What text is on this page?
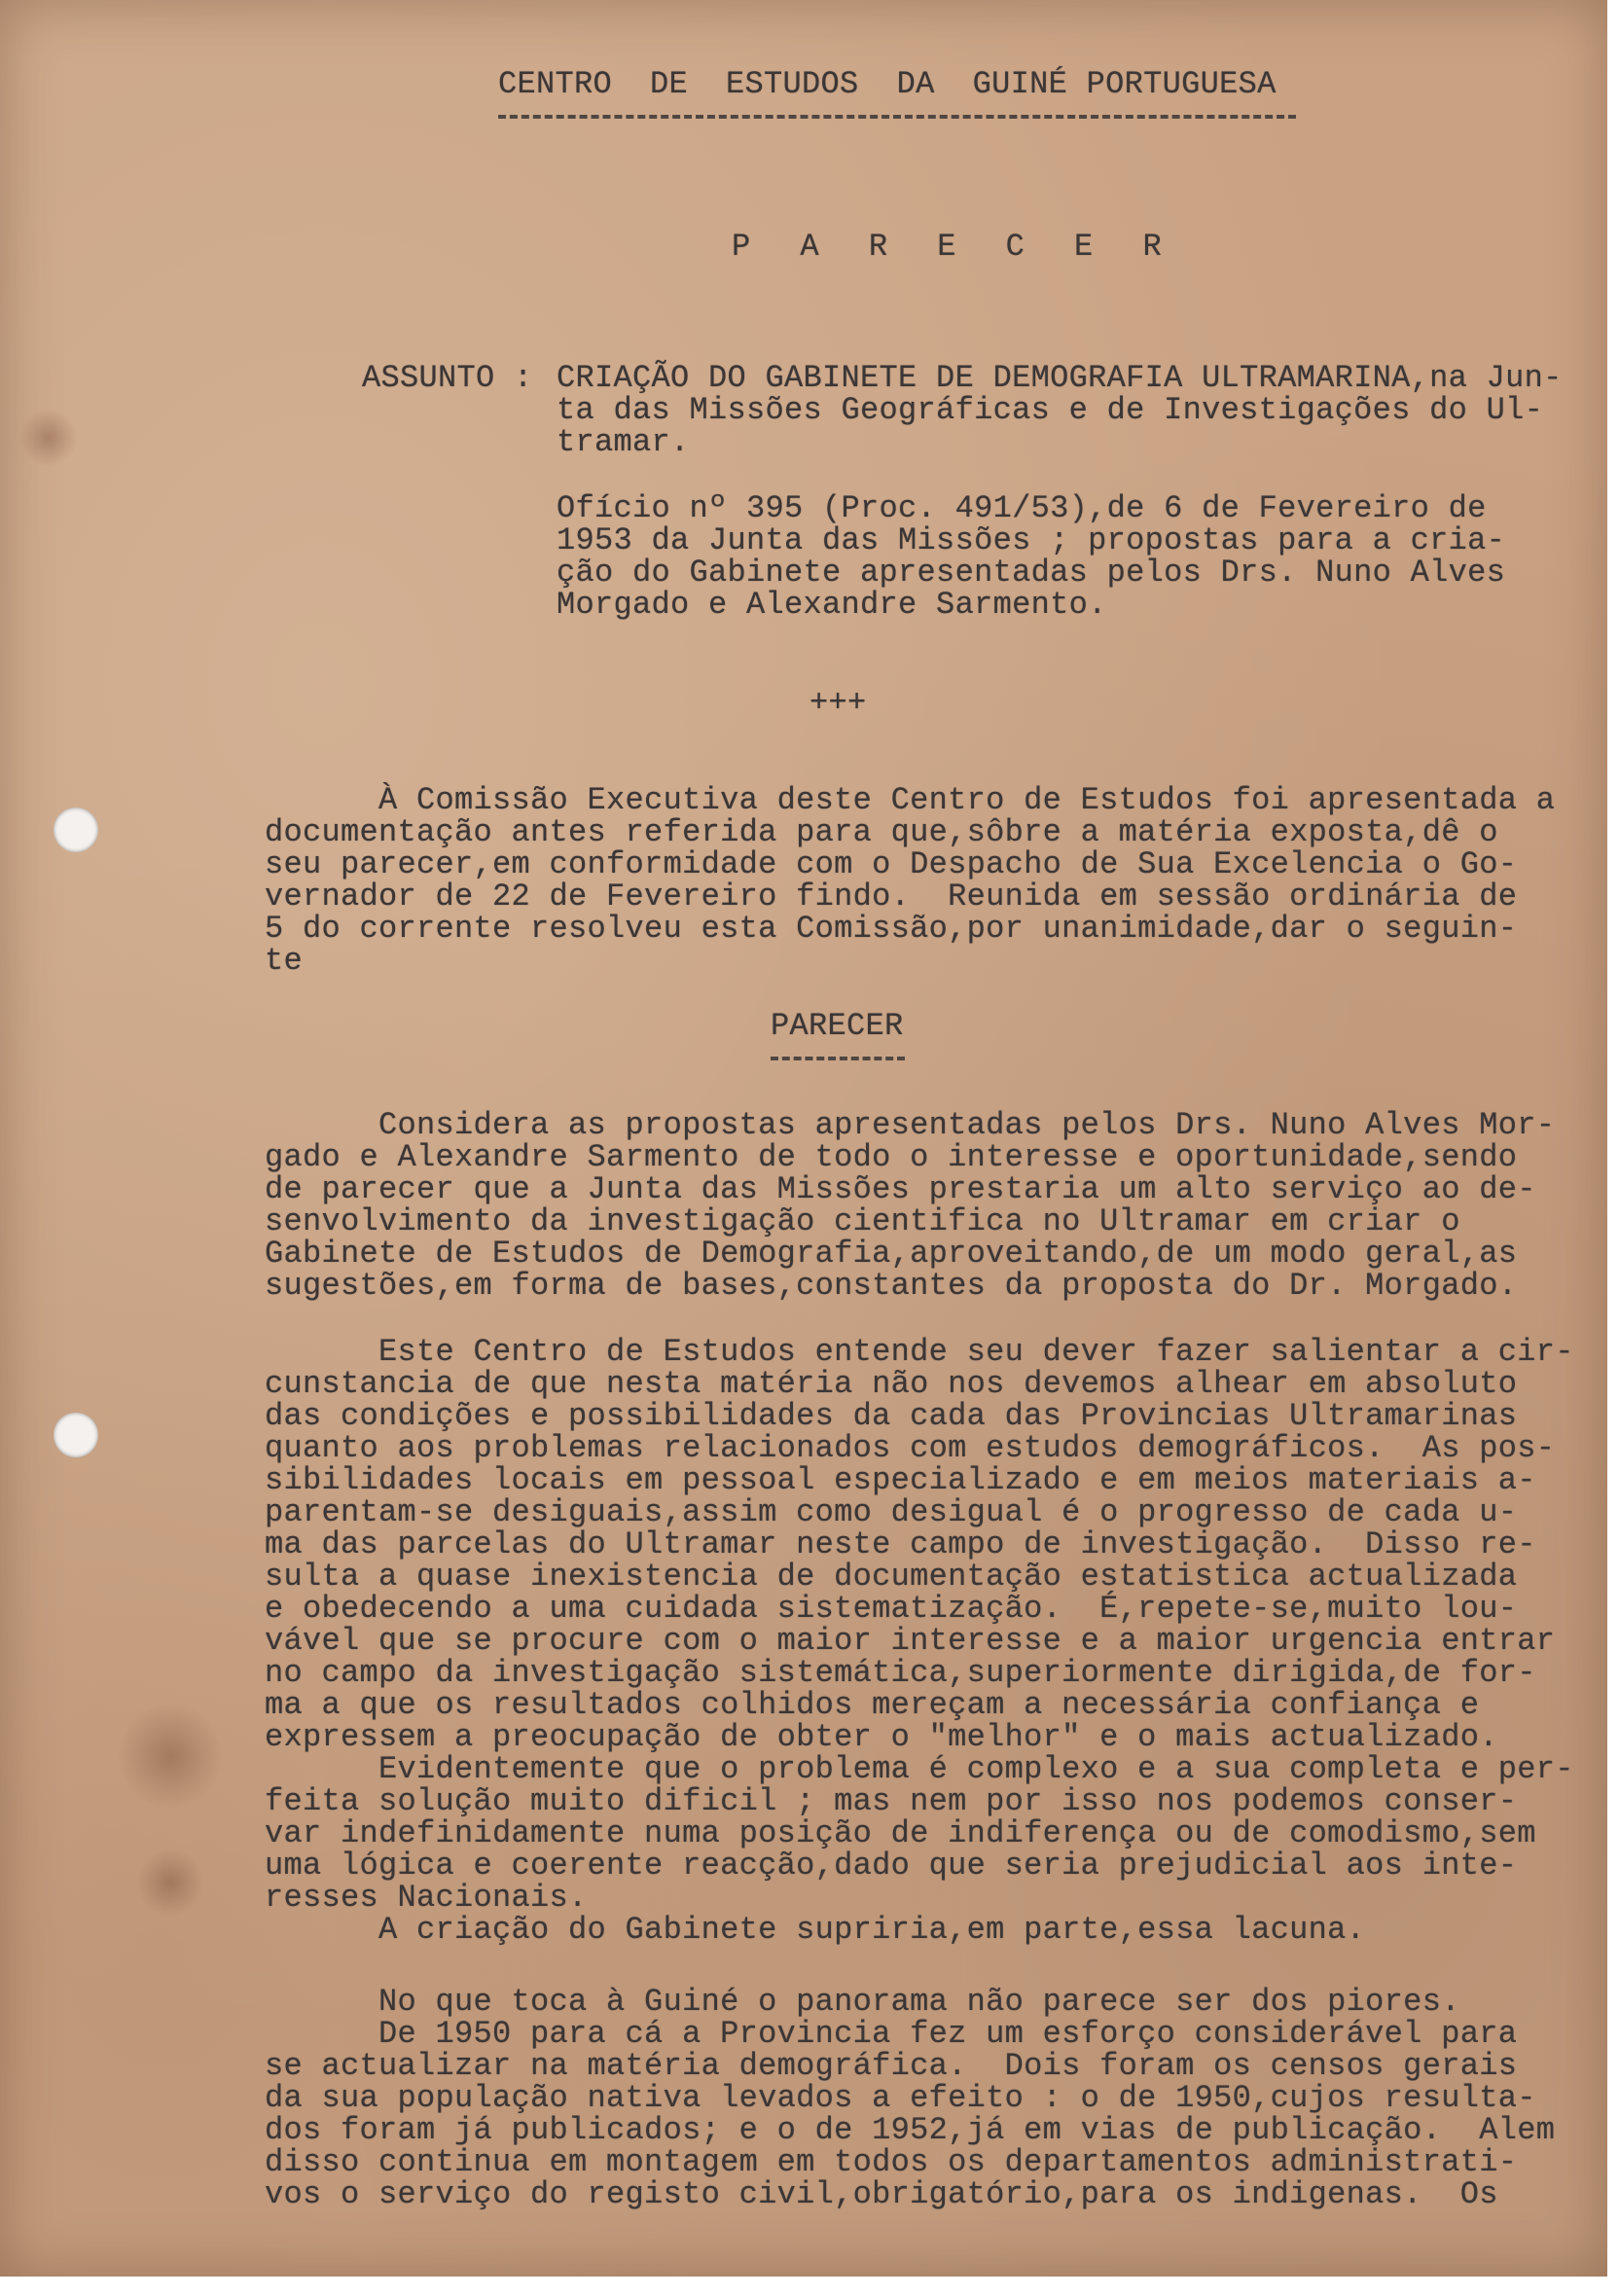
CENTRO  DE  ESTUDOS  DA  GUINÉ PORTUGUESA
P A R E C E R
ASSUNTO : CRIAÇÃO DO GABINETE DE DEMOGRAFIA ULTRAMARINA,na Jun-
ta das Missões Geográficas e de Investigações do Ul-
tramar.
Ofício nº 395 (Proc. 491/53),de 6 de Fevereiro de
1953 da Junta das Missões ; propostas para a cria-
ção do Gabinete apresentadas pelos Drs. Nuno Alves
Morgado e Alexandre Sarmento.
+++
À Comissão Executiva deste Centro de Estudos foi apresentada a
documentação antes referida para que,sôbre a matéria exposta,dê o
seu parecer,em conformidade com o Despacho de Sua Excelencia o Go-
vernador de 22 de Fevereiro findo.  Reunida em sessão ordinária de
5 do corrente resolveu esta Comissão,por unanimidade,dar o seguin-
te
PARECER
Considera as propostas apresentadas pelos Drs. Nuno Alves Mor-
gado e Alexandre Sarmento de todo o interesse e oportunidade,sendo
de parecer que a Junta das Missões prestaria um alto serviço ao de-
senvolvimento da investigação cientifica no Ultramar em criar o
Gabinete de Estudos de Demografia,aproveitando,de um modo geral,as
sugestões,em forma de bases,constantes da proposta do Dr. Morgado.
Este Centro de Estudos entende seu dever fazer salientar a cir-
cunstancia de que nesta matéria não nos devemos alhear em absoluto
das condições e possibilidades da cada das Provincias Ultramarinas
quanto aos problemas relacionados com estudos demográficos.  As pos-
sibilidades locais em pessoal especializado e em meios materiais a-
parentam-se desiguais,assim como desigual é o progresso de cada u-
ma das parcelas do Ultramar neste campo de investigação.  Disso re-
sulta a quase inexistencia de documentação estatistica actualizada
e obedecendo a uma cuidada sistematização.  É,repete-se,muito lou-
vável que se procure com o maior interesse e a maior urgencia entrar
no campo da investigação sistemática,superiormente dirigida,de for-
ma a que os resultados colhidos mereçam a necessária confiança e
expressem a preocupação de obter o "melhor" e o mais actualizado.
Evidentemente que o problema é complexo e a sua completa e per-
feita solução muito dificil ; mas nem por isso nos podemos conser-
var indefinidamente numa posição de indiferença ou de comodismo,sem
uma lógica e coerente reacção,dado que seria prejudicial aos inte-
resses Nacionais.
A criação do Gabinete supriria,em parte,essa lacuna.
No que toca à Guiné o panorama não parece ser dos piores.
De 1950 para cá a Provincia fez um esforço considerável para
se actualizar na matéria demográfica.  Dois foram os censos gerais
da sua população nativa levados a efeito : o de 1950,cujos resulta-
dos foram já publicados; e o de 1952,já em vias de publicação.  Alem
disso continua em montagem em todos os departamentos administrati-
vos o serviço do registo civil,obrigatório,para os indigenas.  Os
